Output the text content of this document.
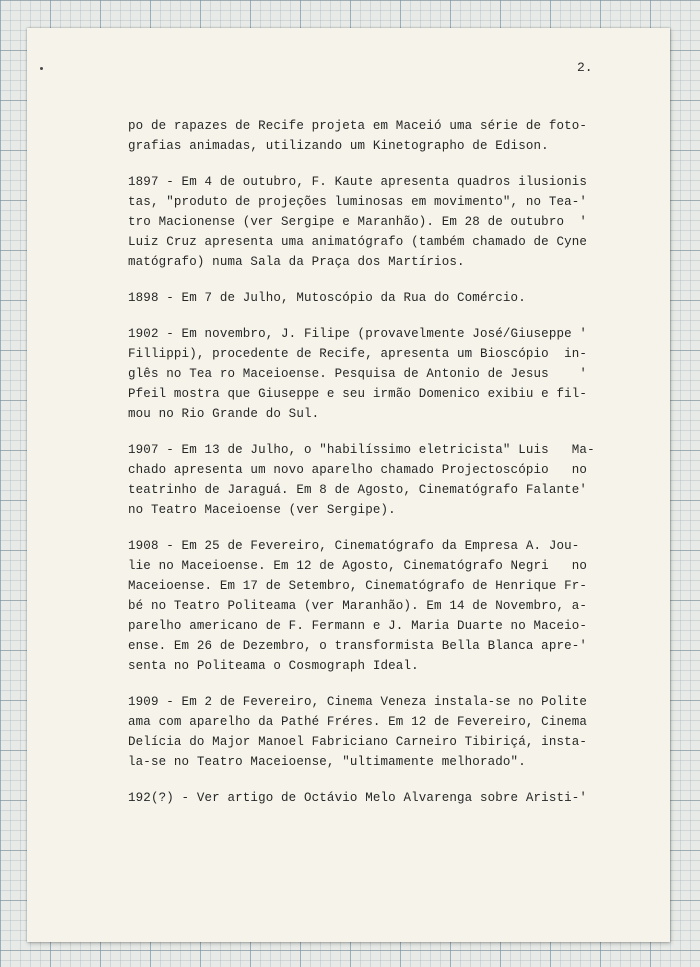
2.
po de rapazes de Recife projeta em Maceió uma série de foto-
grafias animadas, utilizando um Kinetographo de Edison.
1897 - Em 4 de outubro, F. Kaute apresenta quadros ilusionis
tas, "produto de projeções luminosas em movimento", no Tea-'
tro Macionense (ver Sergipe e Maranhão). Em 28 de outubro  '
Luiz Cruz apresenta uma animatógrafo (também chamado de Cyne
matógrafo) numa Sala da Praça dos Martírios.
1898 - Em 7 de Julho, Mutoscópio da Rua do Comércio.
1902 - Em novembro, J. Filipe (provavelmente José/Giuseppe '
Fillippi), procedente de Recife, apresenta um Bioscópio  in-
glês no Tea ro Maceioense. Pesquisa de Antonio de Jesus    '
Pfeil mostra que Giuseppe e seu irmão Domenico exibiu e fil-
mou no Rio Grande do Sul.
1907 - Em 13 de Julho, o "habilíssimo eletricista" Luis   Ma-
chado apresenta um novo aparelho chamado Projectoscópio   no
teatrinho de Jaraguá. Em 8 de Agosto, Cinematógrafo Falante'
no Teatro Maceioense (ver Sergipe).
1908 - Em 25 de Fevereiro, Cinematógrafo da Empresa A. Jou-
lie no Maceioense. Em 12 de Agosto, Cinematógrafo Negri   no
Maceioense. Em 17 de Setembro, Cinematógrafo de Henrique Fr-
bé no Teatro Politeama (ver Maranhão). Em 14 de Novembro, a-
parelho americano de F. Fermann e J. Maria Duarte no Maceio-
ense. Em 26 de Dezembro, o transformista Bella Blanca apre-'
senta no Politeama o Cosmograph Ideal.
1909 - Em 2 de Fevereiro, Cinema Veneza instala-se no Polite
ama com aparelho da Pathé Fréres. Em 12 de Fevereiro, Cinema
Delícia do Major Manoel Fabriciano Carneiro Tibiriçá, insta-
la-se no Teatro Maceioense, "ultimamente melhorado".
192(?) - Ver artigo de Octávio Melo Alvarenga sobre Aristi-'
